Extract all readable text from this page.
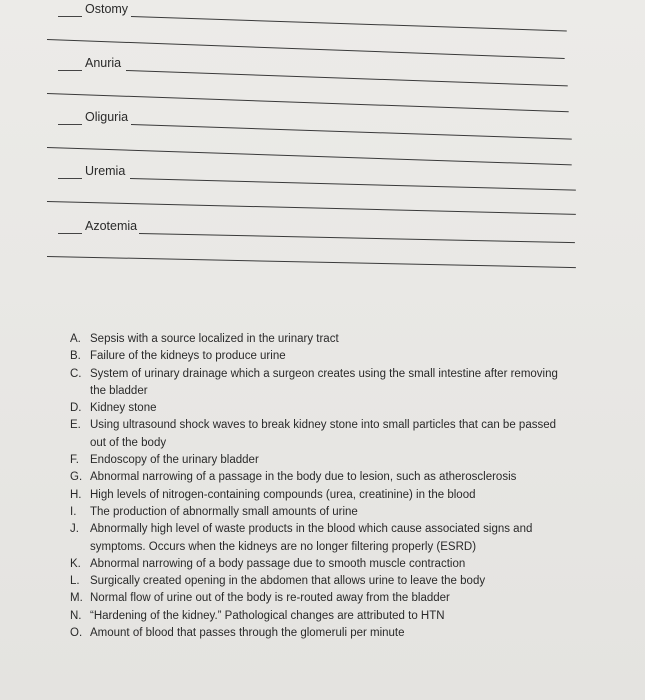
Ostomy
Anuria
Oliguria
Uremia
Azotemia
A. Sepsis with a source localized in the urinary tract
B. Failure of the kidneys to produce urine
C. System of urinary drainage which a surgeon creates using the small intestine after removing the bladder
D. Kidney stone
E. Using ultrasound shock waves to break kidney stone into small particles that can be passed out of the body
F. Endoscopy of the urinary bladder
G. Abnormal narrowing of a passage in the body due to lesion, such as atherosclerosis
H. High levels of nitrogen-containing compounds (urea, creatinine) in the blood
I.	The production of abnormally small amounts of urine
J. Abnormally high level of waste products in the blood which cause associated signs and symptoms. Occurs when the kidneys are no longer filtering properly (ESRD)
K. Abnormal narrowing of a body passage due to smooth muscle contraction
L. Surgically created opening in the abdomen that allows urine to leave the body
M. Normal flow of urine out of the body is re-routed away from the bladder
N. “Hardening of the kidney.” Pathological changes are attributed to HTN
O. Amount of blood that passes through the glomeruli per minute
